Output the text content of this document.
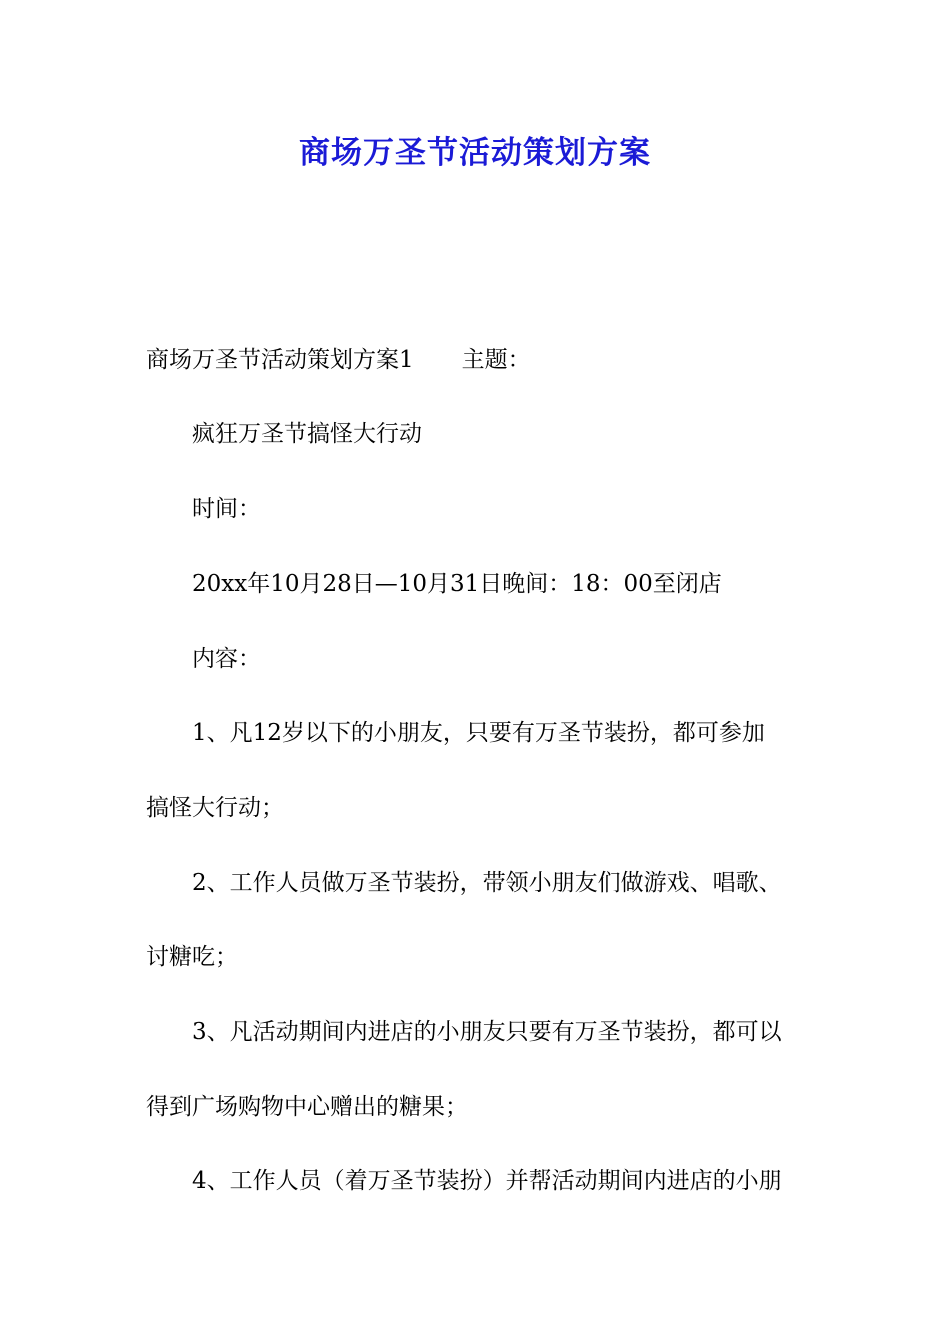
商场万圣节活动策划方案
商场万圣节活动策划方案1 主题：
疯狂万圣节搞怪大行动
时间：
20xx年10月28日—10月31日晚间：18：00至闭店
内容：
1、凡12岁以下的小朋友，只要有万圣节装扮，都可参加
搞怪大行动；
2、工作人员做万圣节装扮，带领小朋友们做游戏、唱歌、
讨糖吃；
3、凡活动期间内进店的小朋友只要有万圣节装扮，都可以
得到广场购物中心赠出的糖果；
4、工作人员（着万圣节装扮）并帮活动期间内进店的小朋
